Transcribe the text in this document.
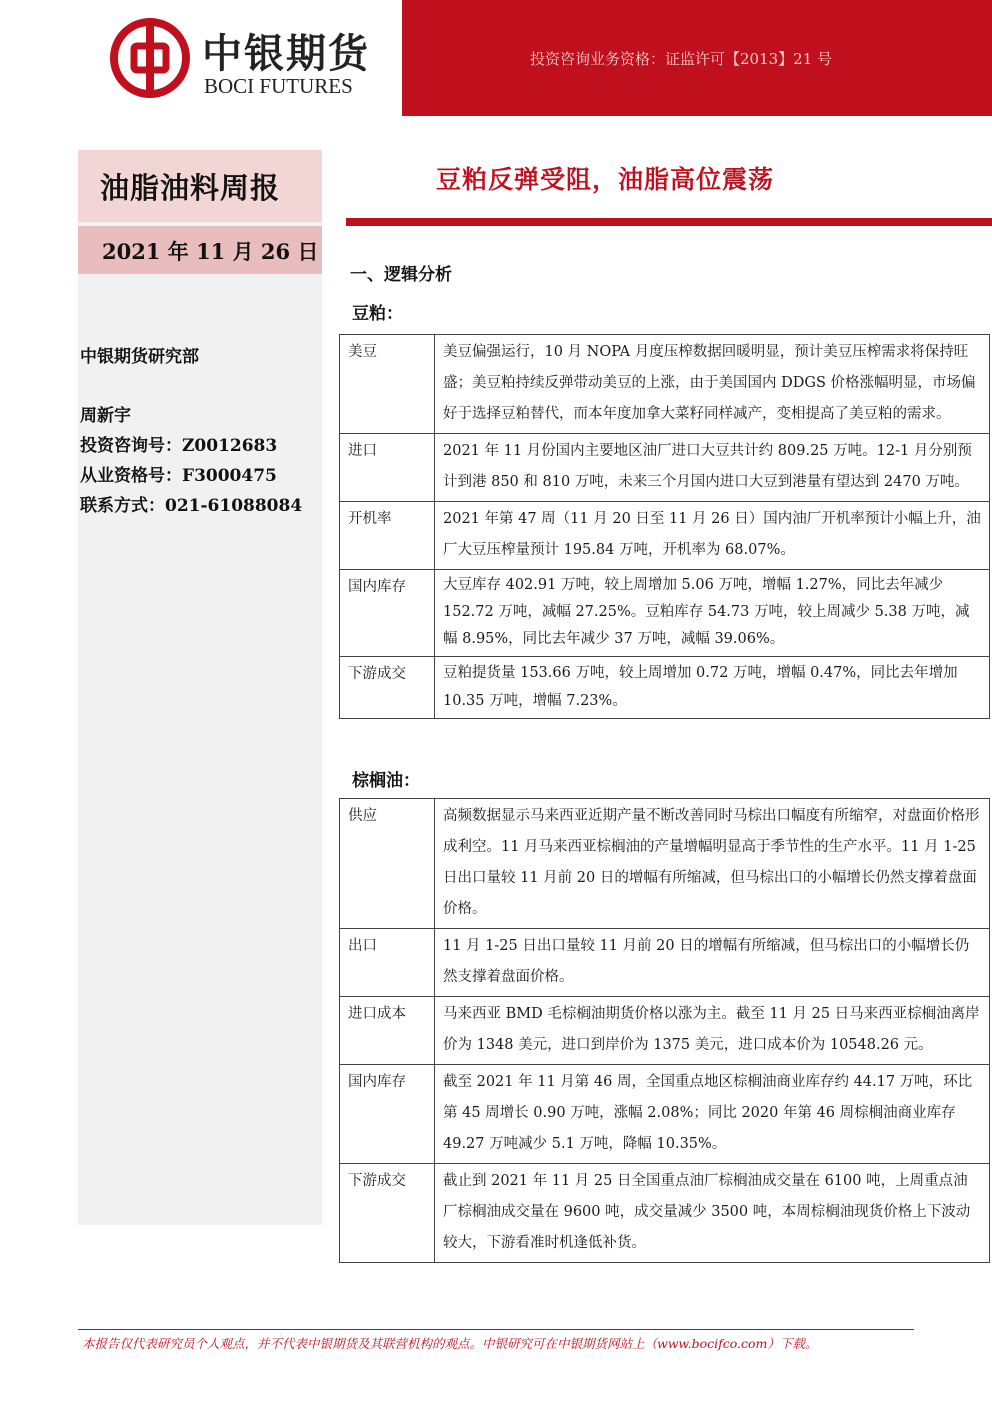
中银期货
BOCI FUTURES
投资咨询业务资格：证监许可【2013】21 号
油脂油料周报
2021 年 11 月 26 日
中银期货研究部
周新宇
投资咨询号：Z0012683
从业资格号：F3000475
联系方式：021-61088084
豆粕反弹受阻，油脂高位震荡
一、逻辑分析
豆粕：
美豆	美豆偏强运行，10 月 NOPA 月度压榨数据回暖明显，预计美豆压榨需求将保持旺盛；美豆粕持续反弹带动美豆的上涨，由于美国国内 DDGS 价格涨幅明显，市场偏好于选择豆粕替代，而本年度加拿大菜籽同样减产，变相提高了美豆粕的需求。
进口	2021 年 11 月份国内主要地区油厂进口大豆共计约 809.25 万吨。12-1 月分别预计到港 850 和 810 万吨，未来三个月国内进口大豆到港量有望达到 2470 万吨。
开机率	2021 年第 47 周（11 月 20 日至 11 月 26 日）国内油厂开机率预计小幅上升，油厂大豆压榨量预计 195.84 万吨，开机率为 68.07%。
国内库存	大豆库存 402.91 万吨，较上周增加 5.06 万吨，增幅 1.27%，同比去年减少 152.72 万吨，减幅 27.25%。豆粕库存 54.73 万吨，较上周减少 5.38 万吨，减幅 8.95%，同比去年减少 37 万吨，减幅 39.06%。
下游成交	豆粕提货量 153.66 万吨，较上周增加 0.72 万吨，增幅 0.47%，同比去年增加 10.35 万吨，增幅 7.23%。
棕榈油：
供应	高频数据显示马来西亚近期产量不断改善同时马棕出口幅度有所缩窄，对盘面价格形成利空。11 月马来西亚棕榈油的产量增幅明显高于季节性的生产水平。11 月 1-25 日出口量较 11 月前 20 日的增幅有所缩减，但马棕出口的小幅增长仍然支撑着盘面价格。
出口	11 月 1-25 日出口量较 11 月前 20 日的增幅有所缩减，但马棕出口的小幅增长仍然支撑着盘面价格。
进口成本	马来西亚 BMD 毛棕榈油期货价格以涨为主。截至 11 月 25 日马来西亚棕榈油离岸价为 1348 美元，进口到岸价为 1375 美元，进口成本价为 10548.26 元。
国内库存	截至 2021 年 11 月第 46 周，全国重点地区棕榈油商业库存约 44.17 万吨，环比第 45 周增长 0.90 万吨，涨幅 2.08%；同比 2020 年第 46 周棕榈油商业库存 49.27 万吨减少 5.1 万吨，降幅 10.35%。
下游成交	截止到 2021 年 11 月 25 日全国重点油厂棕榈油成交量在 6100 吨，上周重点油厂棕榈油成交量在 9600 吨，成交量减少 3500 吨，本周棕榈油现货价格上下波动较大，下游看准时机逢低补货。
本报告仅代表研究员个人观点，并不代表中银期货及其联营机构的观点。中银研究可在中银期货网站上（www.bocifco.com）下载。
